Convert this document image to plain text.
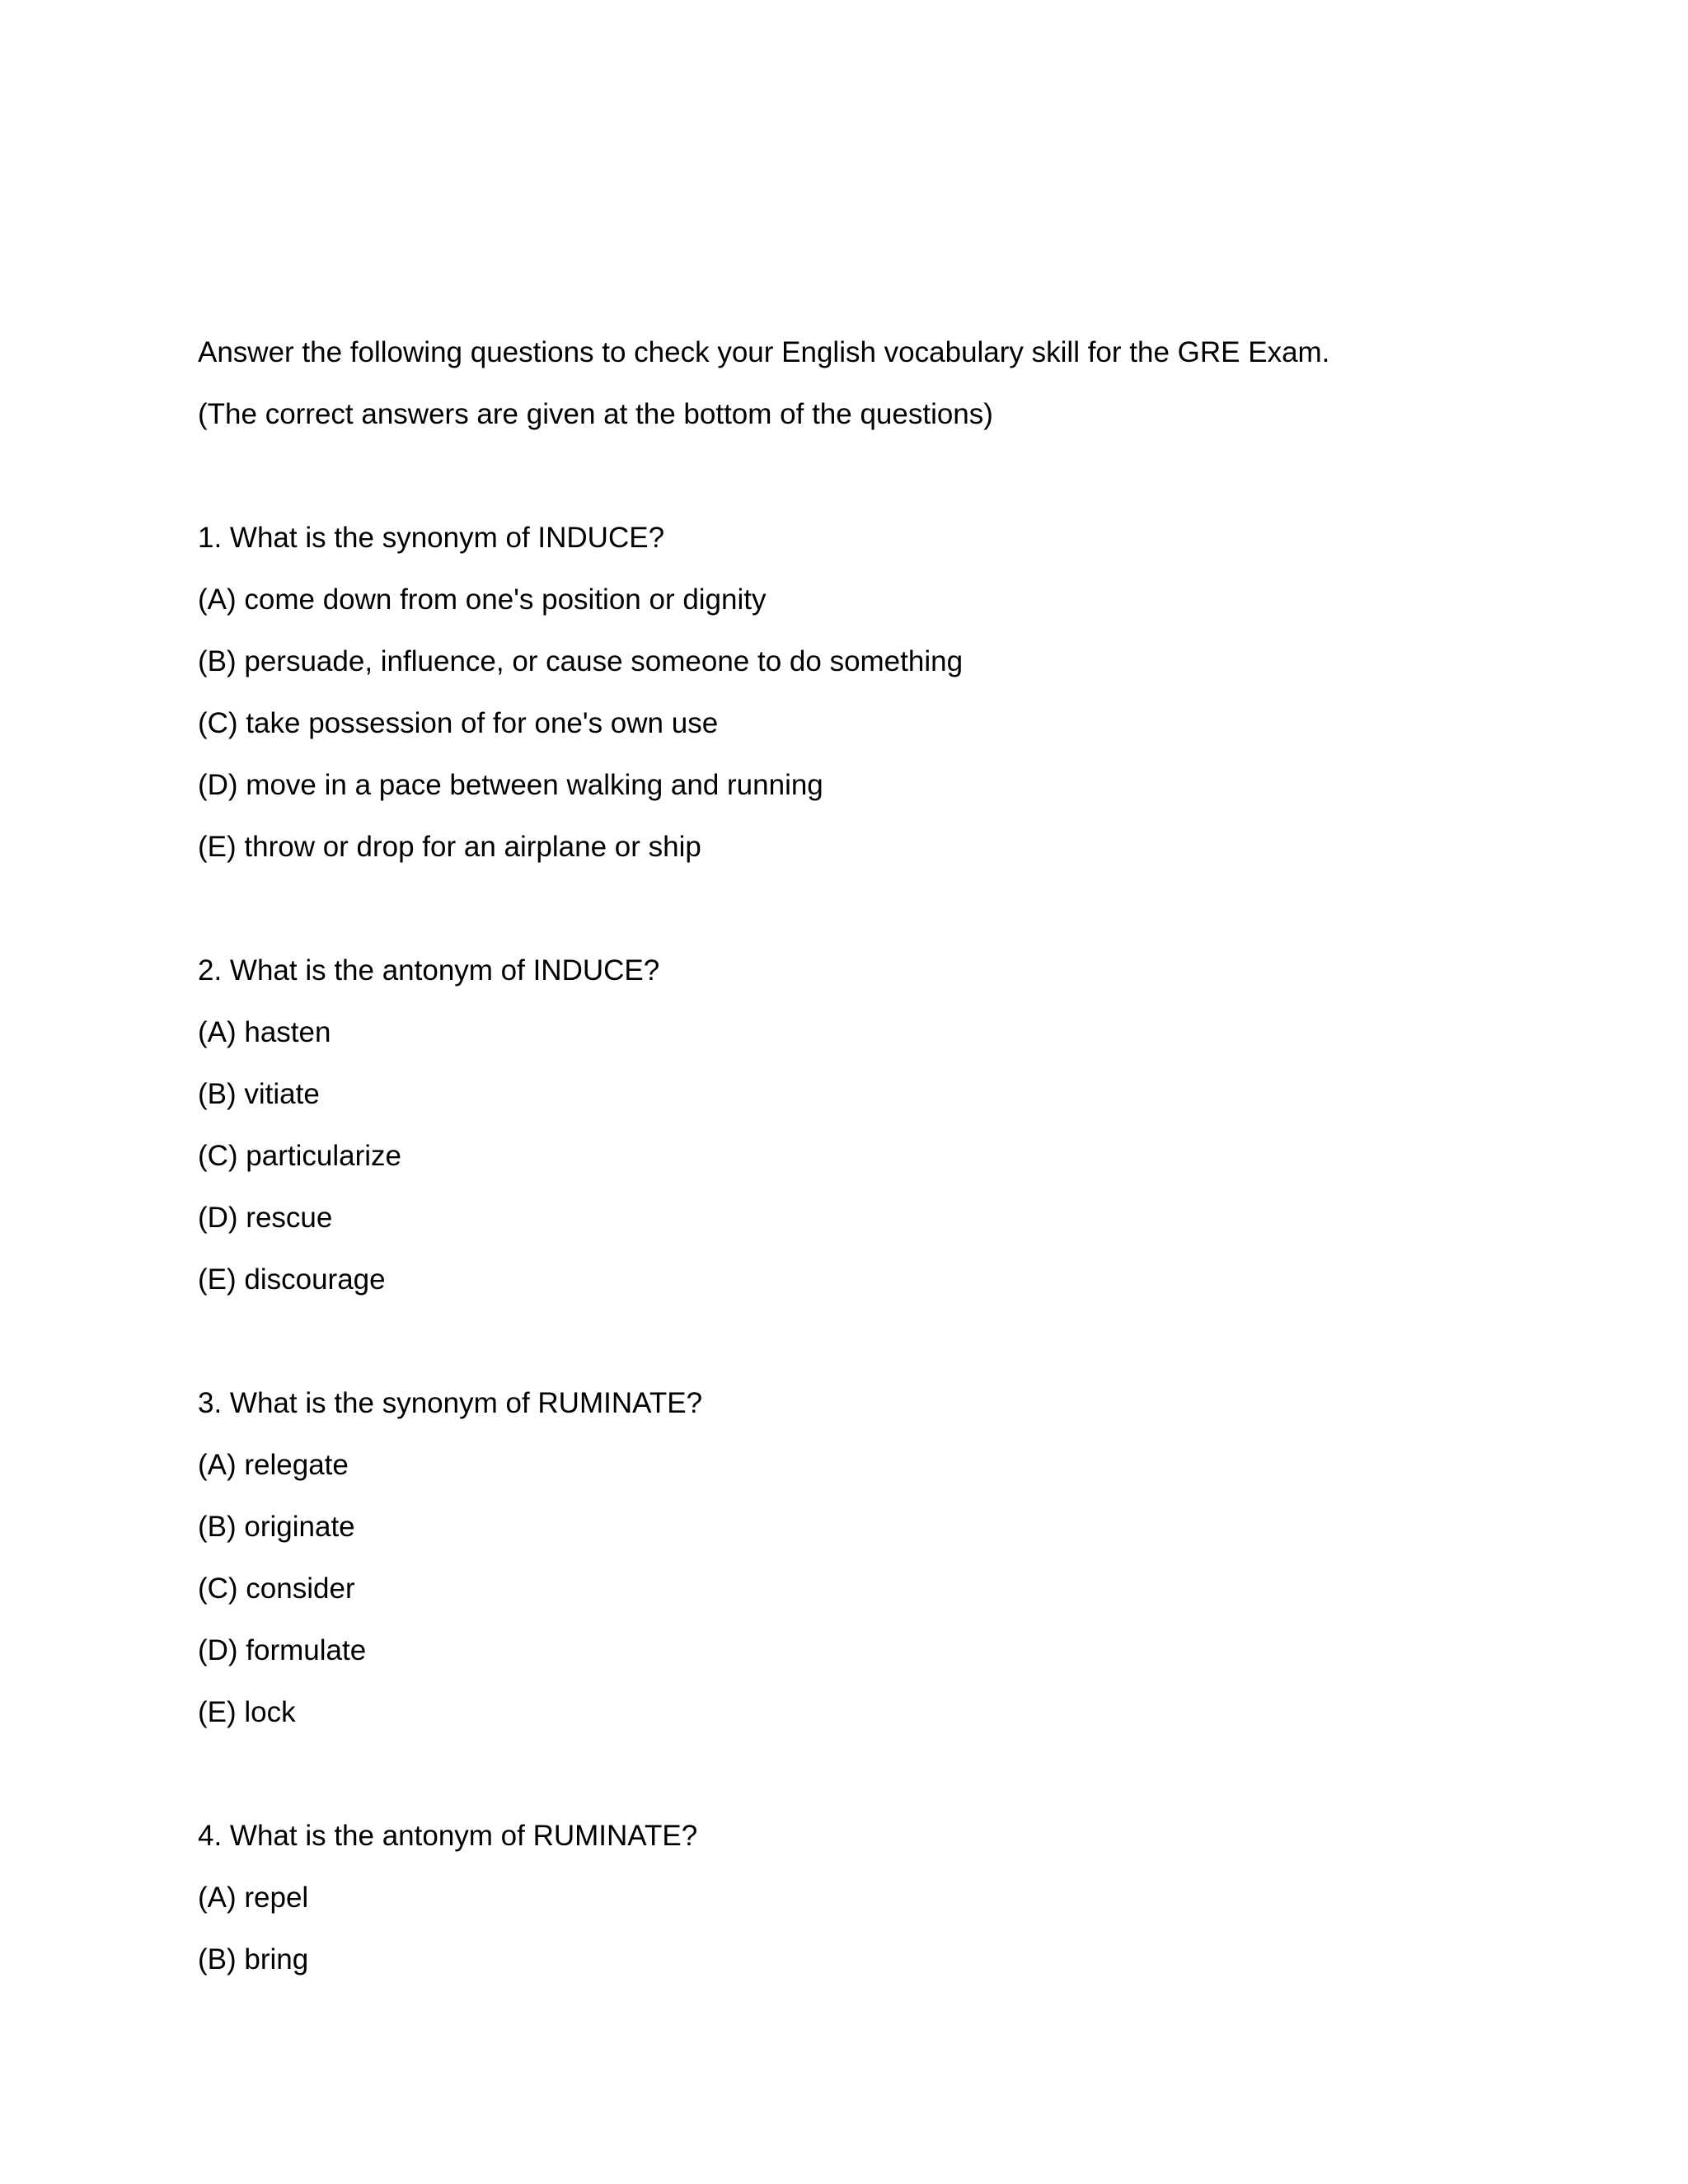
Answer the following questions to check your English vocabulary skill for the GRE Exam.
(The correct answers are given at the bottom of the questions)
1. What is the synonym of INDUCE?
(A) come down from one's position or dignity
(B) persuade, influence, or cause someone to do something
(C) take possession of for one's own use
(D) move in a pace between walking and running
(E) throw or drop for an airplane or ship
2. What is the antonym of INDUCE?
(A) hasten
(B) vitiate
(C) particularize
(D) rescue
(E) discourage
3. What is the synonym of RUMINATE?
(A) relegate
(B) originate
(C) consider
(D) formulate
(E) lock
4. What is the antonym of RUMINATE?
(A) repel
(B) bring
